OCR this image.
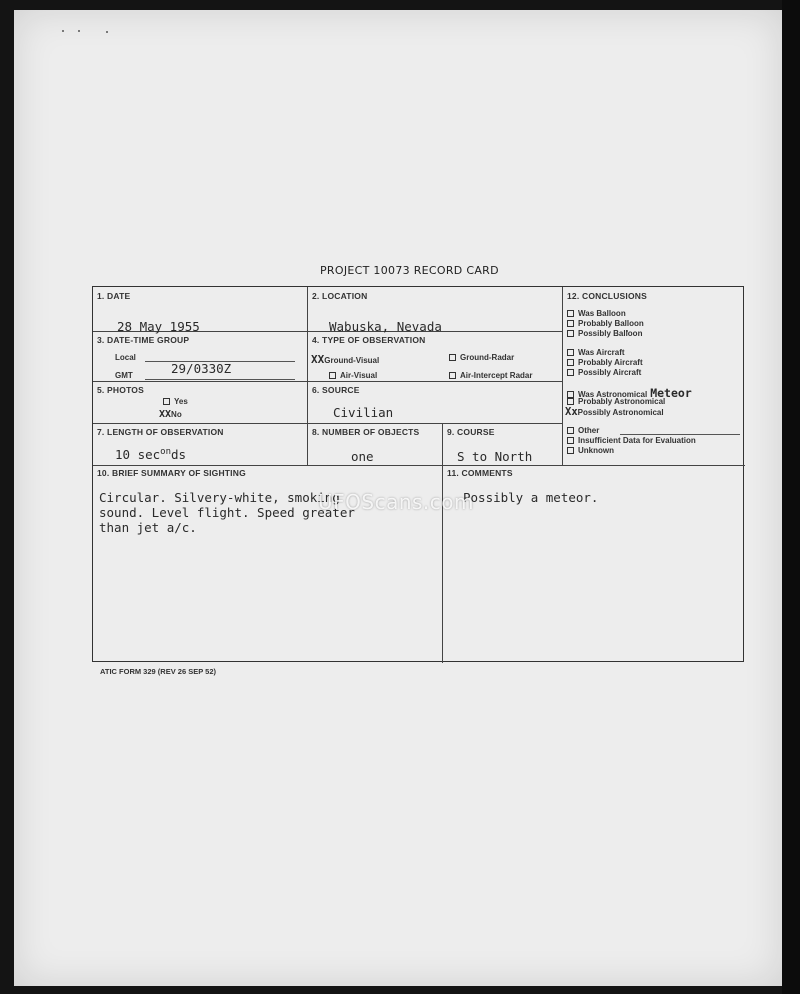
PROJECT 10073 RECORD CARD
1. DATE
28 May 1955
2. LOCATION
Wabuska, Nevada
3. DATE-TIME GROUP
Local
GMT	29/0330Z
4. TYPE OF OBSERVATION
XXGround-Visual	Ground-Radar
Air-Visual	Air-Intercept Radar
5. PHOTOS
Yes
XXNo
6. SOURCE
Civilian
7. LENGTH OF OBSERVATION
10 $\sec^{on}ds$
8. NUMBER OF OBJECTS
one
9. COURSE
S to North
10. BRIEF SUMMARY OF SIGHTING
Circular. Silvery-white, smoking
sound. Level flight. Speed greater
than jet a/c.
11. COMMENTS
Possibly a meteor.
12. CONCLUSIONS
Was Balloon
Probably Balloon
Possibly Balloon
Was Aircraft
Probably Aircraft
Possibly Aircraft
Was Astronomical Meteor
Probably Astronomical
XxPossibly Astronomical
Other
Insufficient Data for Evaluation
Unknown
UFOScans.com
ATIC FORM 329 (REV 26 SEP 52)
